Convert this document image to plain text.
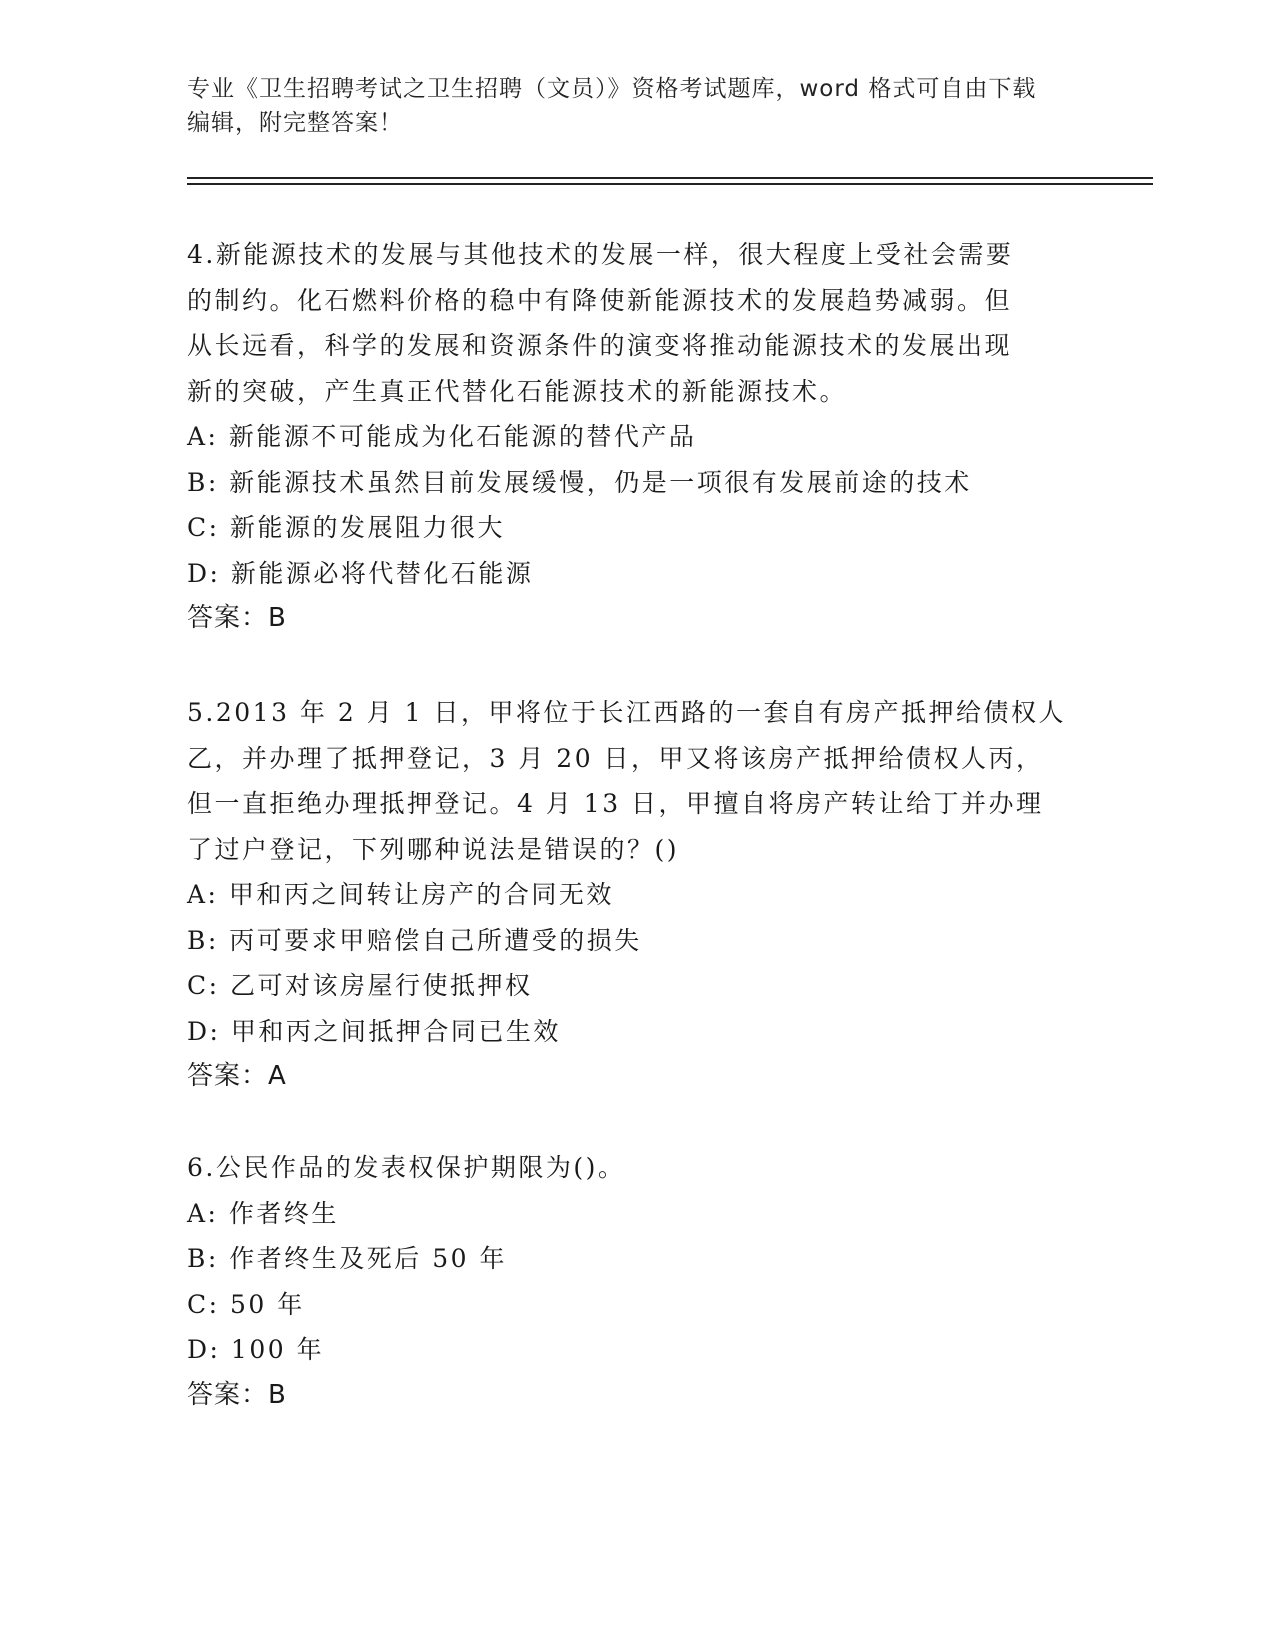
专业《卫生招聘考试之卫生招聘（文员）》资格考试题库，word 格式可自由下载
编辑，附完整答案！
4.新能源技术的发展与其他技术的发展一样，很大程度上受社会需要
的制约。化石燃料价格的稳中有降使新能源技术的发展趋势减弱。但
从长远看，科学的发展和资源条件的演变将推动能源技术的发展出现
新的突破，产生真正代替化石能源技术的新能源技术。
A: 新能源不可能成为化石能源的替代产品
B: 新能源技术虽然目前发展缓慢，仍是一项很有发展前途的技术
C: 新能源的发展阻力很大
D: 新能源必将代替化石能源
答案：B
5.2013 年 2 月 1 日，甲将位于长江西路的一套自有房产抵押给债权人
乙，并办理了抵押登记，3 月 20 日，甲又将该房产抵押给债权人丙，
但一直拒绝办理抵押登记。4 月 13 日，甲擅自将房产转让给丁并办理
了过户登记，下列哪种说法是错误的？()
A: 甲和丙之间转让房产的合同无效
B: 丙可要求甲赔偿自己所遭受的损失
C: 乙可对该房屋行使抵押权
D: 甲和丙之间抵押合同已生效
答案：A
6.公民作品的发表权保护期限为()。
A: 作者终生
B: 作者终生及死后 50 年
C: 50 年
D: 100 年
答案：B
